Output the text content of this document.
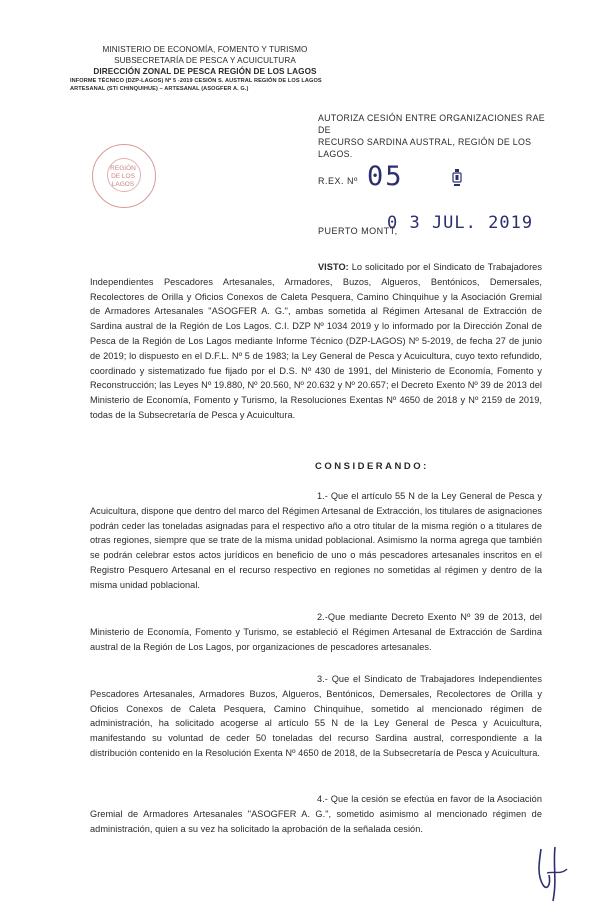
MINISTERIO DE ECONOMÍA, FOMENTO Y TURISMO
SUBSECRETARÍA DE PESCA Y ACUICULTURA
DIRECCIÓN ZONAL DE PESCA REGIÓN DE LOS LAGOS
INFORME TÉCNICO (DZP-LAGOS) Nº 5 -2019 CESIÓN S. AUSTRAL REGIÓN DE LOS LAGOS
ARTESANAL (STI CHINQUIHUE) – ARTESANAL (ASOGFER A. G.)
AUTORIZA CESIÓN ENTRE ORGANIZACIONES RAE DE
RECURSO SARDINA AUSTRAL, REGIÓN DE LOS LAGOS.
REGIÓN
DE LOS LAGOS	R.EX. Nº 05
PUERTO MONTT,
0 3 JUL. 2019
VISTO: Lo solicitado por el Sindicato de Trabajadores Independientes Pescadores Artesanales, Armadores, Buzos, Algueros, Bentónicos, Demersales, Recolectores de Orilla y Oficios Conexos de Caleta Pesquera, Camino Chinquihue y la Asociación Gremial de Armadores Artesanales "ASOGFER A. G.", ambas sometida al Régimen Artesanal de Extracción de Sardina austral de la Región de Los Lagos. C.I. DZP Nº 1034 2019 y lo informado por la Dirección Zonal de Pesca de la Región de Los Lagos mediante Informe Técnico (DZP-LAGOS) Nº 5-2019, de fecha 27 de junio de 2019; lo dispuesto en el D.F.L. Nº 5 de 1983; la Ley General de Pesca y Acuicultura, cuyo texto refundido, coordinado y sistematizado fue fijado por el D.S. Nº 430 de 1991, del Ministerio de Economía, Fomento y Reconstrucción; las Leyes Nº 19.880, Nº 20.560, Nº 20.632 y Nº 20.657; el Decreto Exento Nº 39 de 2013 del Ministerio de Economía, Fomento y Turismo, la Resoluciones Exentas Nº 4650 de 2018 y Nº 2159 de 2019, todas de la Subsecretaría de Pesca y Acuicultura.
CONSIDERANDO:
1.- Que el artículo 55 N de la Ley General de Pesca y Acuicultura, dispone que dentro del marco del Régimen Artesanal de Extracción, los titulares de asignaciones podrán ceder las toneladas asignadas para el respectivo año a otro titular de la misma región o a titulares de otras regiones, siempre que se trate de la misma unidad poblacional. Asimismo la norma agrega que también se podrán celebrar estos actos jurídicos en beneficio de uno o más pescadores artesanales inscritos en el Registro Pesquero Artesanal en el recurso respectivo en regiones no sometidas al régimen y dentro de la misma unidad poblacional.
2.-Que mediante Decreto Exento Nº 39 de 2013, del Ministerio de Economía, Fomento y Turismo, se estableció el Régimen Artesanal de Extracción de Sardina austral de la Región de Los Lagos, por organizaciones de pescadores artesanales.
3.- Que el Sindicato de Trabajadores Independientes Pescadores Artesanales, Armadores Buzos, Algueros, Bentónicos, Demersales, Recolectores de Orilla y Oficios Conexos de Caleta Pesquera, Camino Chinquihue, sometido al mencionado régimen de administración, ha solicitado acogerse al artículo 55 N de la Ley General de Pesca y Acuicultura, manifestando su voluntad de ceder 50 toneladas del recurso Sardina austral, correspondiente a la distribución contenido en la Resolución Exenta Nº 4650 de 2018, de la Subsecretaría de Pesca y Acuicultura.
4.- Que la cesión se efectúa en favor de la Asociación Gremial de Armadores Artesanales "ASOGFER A. G.", sometido asimismo al mencionado régimen de administración, quien a su vez ha solicitado la aprobación de la señalada cesión.
